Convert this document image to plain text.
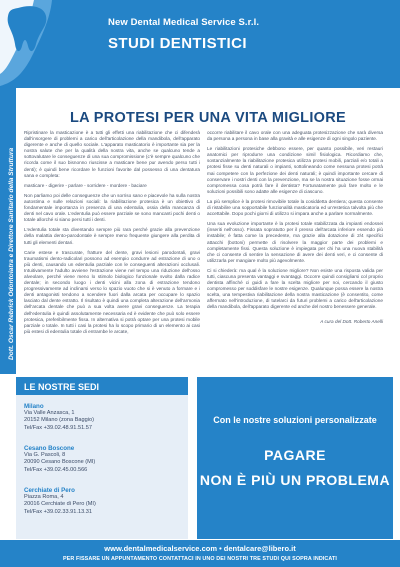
New Dental Medical Service S.r.l.
STUDI DENTISTICI
Dott. Oscar Rebrick Odontoiatra e Direttore Sanitario della Struttura
LA PROTESI PER UNA VITA MIGLIORE

Ripristinare la masticazione è a tutti gli effetti una riabilitazione che ci difenderà dall'insorgere di problemi a carico dell'articolazione della mandibola, dell'apparato digerente e anche di quello sociale. L'apparato masticatorio è importante sia per la nostra salute che per la qualità della nostra vita, anche se qualcuno tende a sottovalutare le conseguenze di una sua compromissione (c'è sempre qualcuno che ricorda come il suo bisnonno riuscisse a masticare bene pur avendo perso tutti i denti); è quindi bene ricordare le funzioni favorite dal possesso di una dentatura sana e completa:

masticare - digerire - parlare - sorridere - mordere - baciare

Non parliamo poi delle conseguenze che un sorriso sano e piacevole ha sulla nostra autostima e sulle relazioni sociali: la riabilitazione protesica è un obiettivo di fondamentale importanza in presenza di una edentulia, ossia della mancanza di denti nel cavo orale. L'edentulia può essere parziale se sono mancanti pochi denti o totale allorché si siano persi tutti i denti.

L'edentulia totale sta diventando sempre più rara perché grazie alla prevenzione della malattia dento-parodontale è sempre meno frequente giungere alla perdita di tutti gli elementi dentari.

Carie estese e trascurate, fratture del dente, gravi lesioni parodontali, gravi traumatismi dento-radicolari possono ad esempio condurre ad estrazione di uno o più denti, causando un edentulia parziale con le conseguenti alterazioni occlusali. Intuitivamente l'adulto avviene l'estrazione viene nel tempo una riduzione dell'osso alveolare, perché viene meno lo stimolo biologico funzionale svolto dalla radice dentale; in secondo luogo i denti vicini alla zona di estrazione tendono progressivamente ad inclinarsi verso lo spazio vuoto che si è venuto a formare e i denti antagonisti tendono a scendere fuori dalla arcata per occupare lo spazio lasciato dal dente estratto. Il risultato è quindi una completa alterazione dell'armonia dell'arcata dentale che può a sua volta avere gravi conseguenze. La terapia dell'edentulia è quindi assolutamente necessaria ed è evidente che può solo essere protesica, preferibilmente fissa. In alternativa si potrà optare per una protesi mobile parziale o totale. In tutti i casi la protesi ha lo scopo primario di un elemento ai casi più estesi di edentulia totale di entrambe le arcate,

occorre riabilitare il cavo orale con una adeguata protesizzazione che sarà diversa da persona a persona in base alla gravità e alle esigenze di ogni singolo paziente.

Le riabilitazioni protesiche debbono essere, per quanto possibile, veri restauri anatomici per riprodurre una condizione simil fisiologica. Ricordiamo che, sostanzialmente la riabilitazione protesica utilizza protesi mobili, parziali e/o totali a protesi fisse su denti naturali o impianti, sottolineando come nessuna protesi potrà mai competere con la perfezione dei denti naturali; è quindi importante cercare di conservare i nostri denti con la prevenzione, ma se la nostra situazione fosse ormai compromessa cosa potrà fare il dentista? Fortunatamente può fare molto e le soluzioni possibili sono adatte alle esigenze di ciascuno.

La più semplice è la protesi rimovibile totale la cosiddetta dentiera; questa consente di ristabilire una sopportabile funzionalità masticatoria ed un'estetica talvolta più che accettabile. Dopo pochi giorni di utilizzo si impara anche a parlare normalmente.

Una sua evoluzione importante è la protesi totale stabilizzata da impianti endossei (inseriti nell'osso). Fissata sopratutto per il presso dell'arcata inferiore essendo più instabile; è fatta come la precedente, ma grazie alla dotazione di 2/4 specifici attacchi (bottoni) permette di risolvere la maggior parte dei problemi e completamente fissi. Questa soluzione è impiegata per chi ha una nuova stabilità che ci consente di sentire la sensazione di avere dei denti veri, e ci consente di utilizzarla per mangiare molto più agevolmente.

Ci si chiederà: ma qual è la soluzione migliore? Non esiste una risposta valida per tutti, ciascuna presenta vantaggi e svantaggi. Occorre quindi consigliarsi col proprio dentista affinché ci guidi a fare la scelta migliore per noi, cercando il giusto compromesso per soddisfare le nostre esigenze. Qualunque possa essere la nostra scelta, una tempestiva riabilitazione della nostra masticazione (è consentito, come affermato nell'introduzione, di tutelarci da futuri problemi a carico dell'articolazione della mandibola, dell'apparato digerente ed anche del nostro benessere generale.

A cura del Dott. Roberto Anelli

LE NOSTRE SEDI
Milano
Via Valle Anzasca, 1
20152 Milano (zona Baggio)
Tel/Fax +39.02.48.91.51.57
Cesano Boscone
Via G. Pascoli, 8
20090 Cesano Boscone (MI)
Tel/Fax +39.02.45.00.566
Cerchiate di Pero
Piazza Roma, 4
20016 Cerchiate di Pero (MI)
Tel/Fax +39.02.33.91.13.31
Con le nostre soluzioni personalizzate
PAGARE
NON È PIÙ UN PROBLEMA
www.dentalmedicalservice.com • dentalcare@libero.it
PER FISSARE UN APPUNTAMENTO CONTATTACI IN UNO DEI NOSTRI TRE STUDI QUI SOPRA INDICATI
